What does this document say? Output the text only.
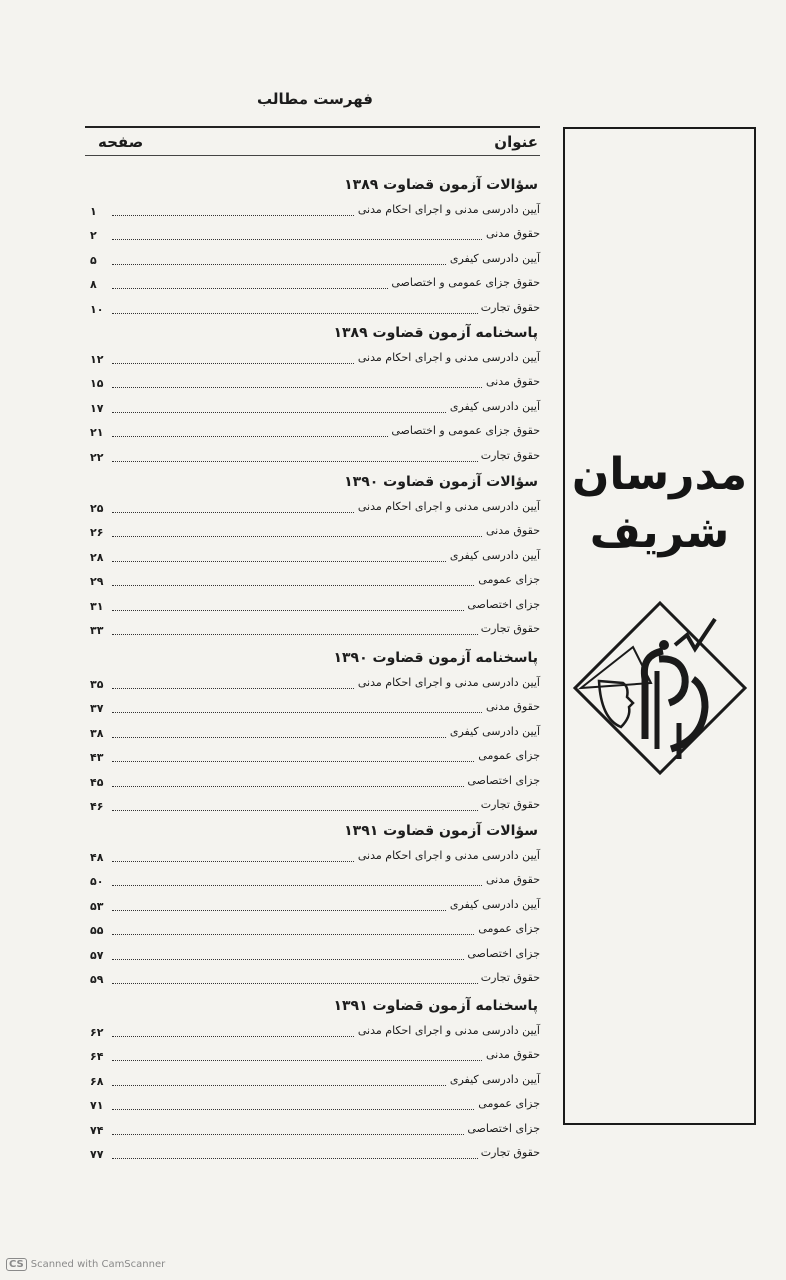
فهرست مطالب
عنوان
صفحه
سؤالات آزمون قضاوت ۱۳۸۹
آیین دادرسی مدنی و اجرای احکام مدنی
۱
حقوق مدنی
۲
آیین دادرسی کیفری
۵
حقوق جزای عمومی و اختصاصی
۸
حقوق تجارت
۱۰
پاسخنامه آزمون قضاوت ۱۳۸۹
آیین دادرسی مدنی و اجرای احکام مدنی
۱۲
حقوق مدنی
۱۵
آیین دادرسی کیفری
۱۷
حقوق جزای عمومی و اختصاصی
۲۱
حقوق تجارت
۲۲
سؤالات آزمون قضاوت ۱۳۹۰
آیین دادرسی مدنی و اجرای احکام مدنی
۲۵
حقوق مدنی
۲۶
آیین دادرسی کیفری
۲۸
جزای عمومی
۲۹
جزای اختصاصی
۳۱
حقوق تجارت
۳۳
پاسخنامه آزمون قضاوت ۱۳۹۰
آیین دادرسی مدنی و اجرای احکام مدنی
۳۵
حقوق مدنی
۳۷
آیین دادرسی کیفری
۳۸
جزای عمومی
۴۳
جزای اختصاصی
۴۵
حقوق تجارت
۴۶
سؤالات آزمون قضاوت ۱۳۹۱
آیین دادرسی مدنی و اجرای احکام مدنی
۴۸
حقوق مدنی
۵۰
آیین دادرسی کیفری
۵۳
جزای عمومی
۵۵
جزای اختصاصی
۵۷
حقوق تجارت
۵۹
پاسخنامه آزمون قضاوت ۱۳۹۱
آیین دادرسی مدنی و اجرای احکام مدنی
۶۲
حقوق مدنی
۶۴
آیین دادرسی کیفری
۶۸
جزای عمومی
۷۱
جزای اختصاصی
۷۴
حقوق تجارت
۷۷
مدرسان
شریف
CS Scanned with CamScanner
